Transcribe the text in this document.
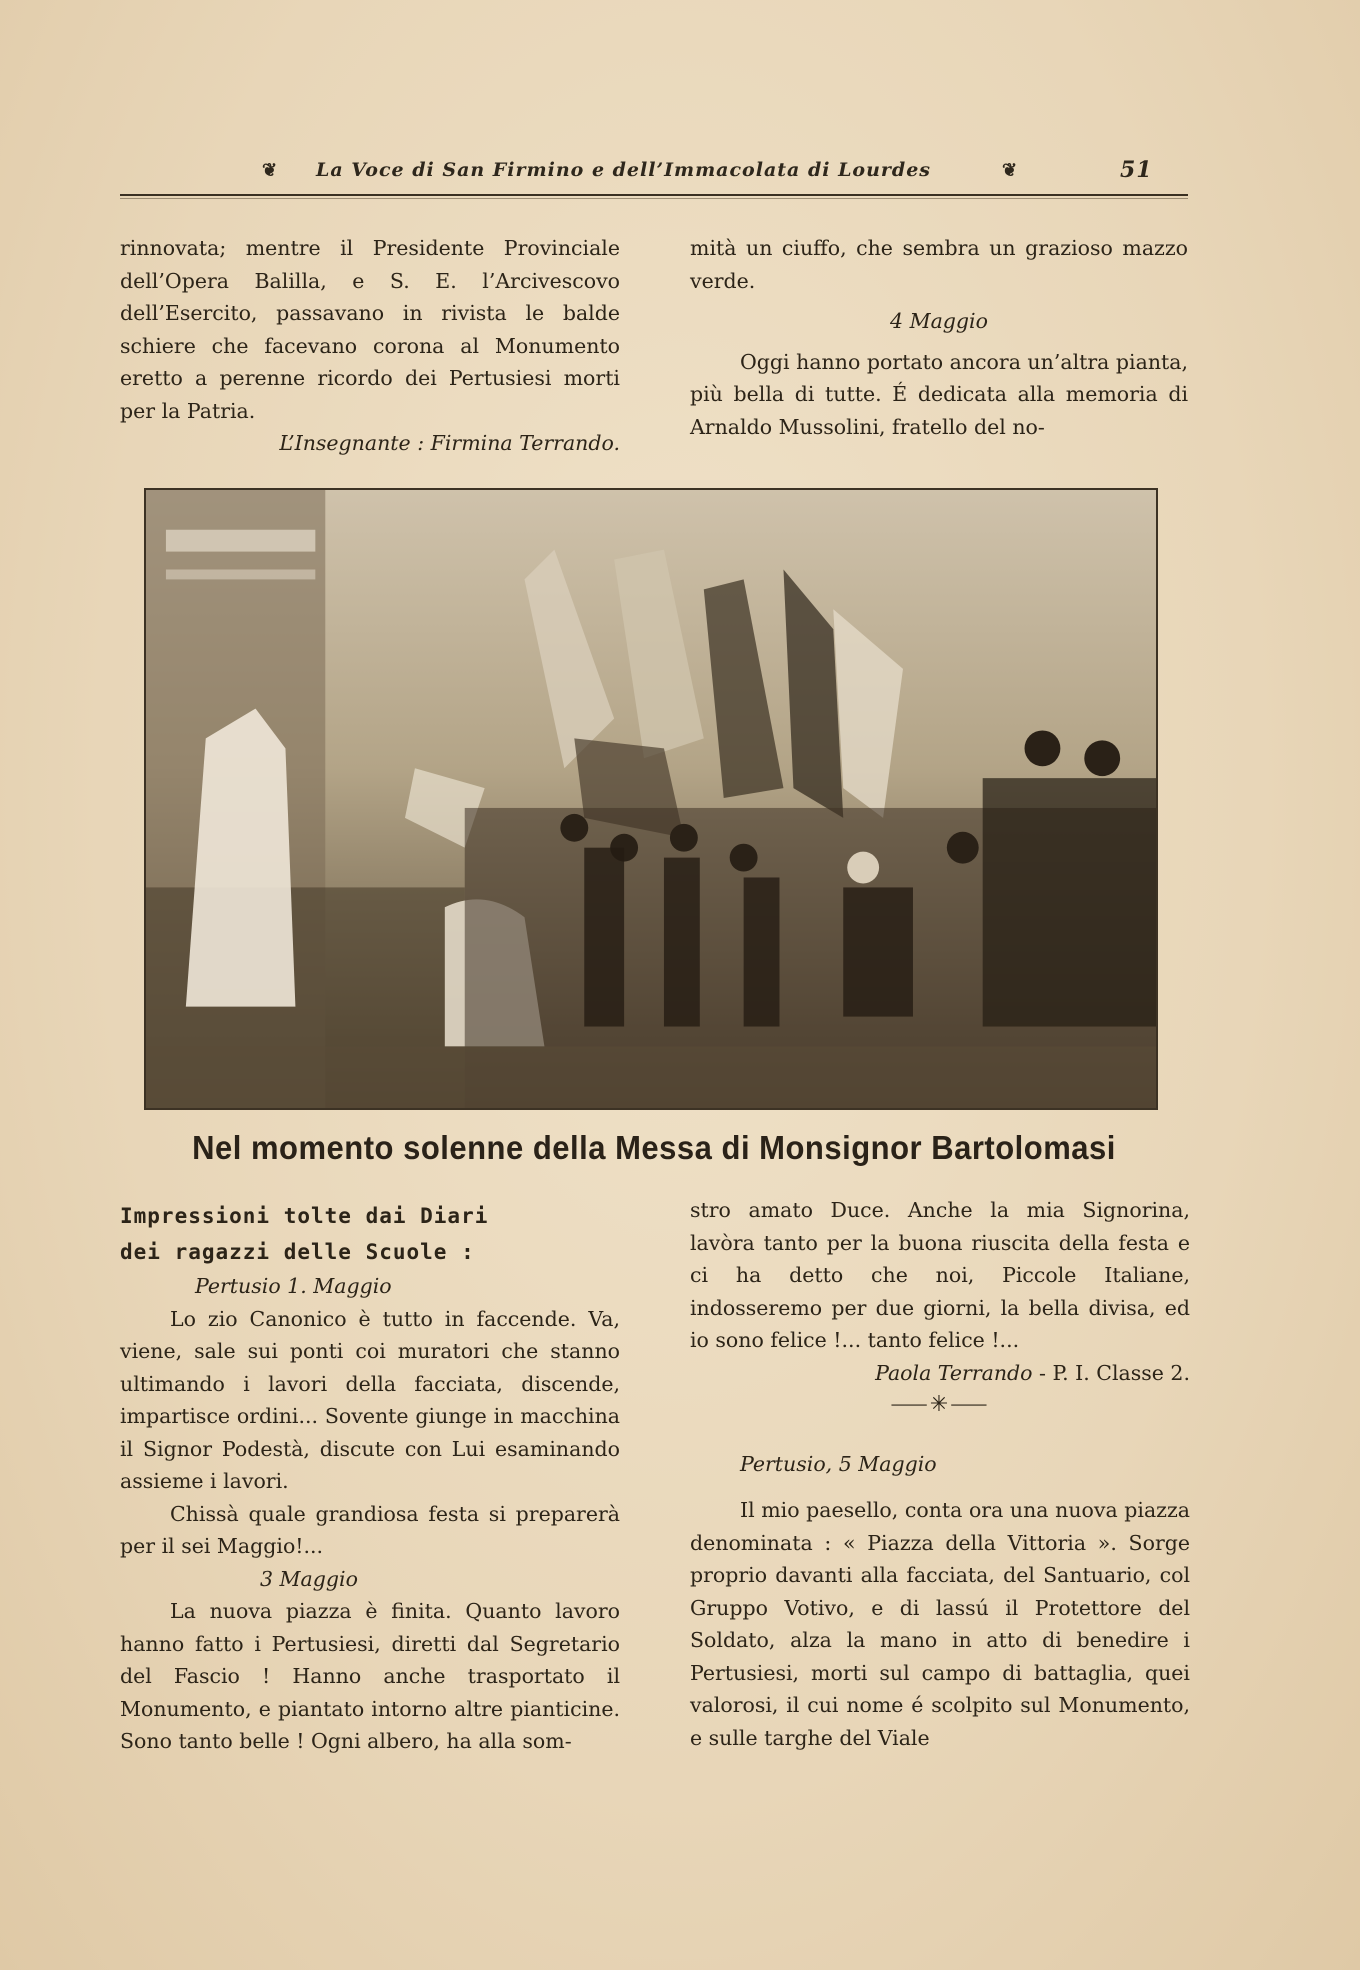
❦ La Voce di San Firmino e dell’Immacolata di Lourdes	❦	51

rinnovata; mentre il Presidente Provinciale dell’Opera Balilla, e S. E. l’Arcivescovo dell’Esercito, passavano in rivista le balde schiere che facevano corona al Monumento eretto a perenne ricordo dei Pertusiesi morti per la Patria.

L’Insegnante : Firmina Terrando.

mità un ciuffo, che sembra un grazioso mazzo verde.

4 Maggio

Oggi hanno portato ancora un’altra pianta, più bella di tutte. É dedicata alla memoria di Arnaldo Mussolini, fratello del no-

Nel momento solenne della Messa di Monsignor Bartolomasi

Impressioni tolte dai Diari

dei ragazzi delle Scuole :

Pertusio 1. Maggio

Lo zio Canonico è tutto in faccende. Va, viene, sale sui ponti coi muratori che stanno ultimando i lavori della facciata, discende, impartisce ordini... Sovente giunge in macchina il Signor Podestà, discute con Lui esaminando assieme i lavori.

Chissà quale grandiosa festa si preparerà per il sei Maggio!...

3 Maggio

La nuova piazza è finita. Quanto lavoro hanno fatto i Pertusiesi, diretti dal Segretario del Fascio ! Hanno anche trasportato il Monumento, e piantato intorno altre pianticine. Sono tanto belle ! Ogni albero, ha alla som-

stro amato Duce. Anche la mia Signorina, lavòra tanto per la buona riuscita della festa e ci ha detto che noi, Piccole Italiane, indosseremo per due giorni, la bella divisa, ed io sono felice !... tanto felice !...

Paola Terrando - P. I. Classe 2.

⸺✳⸺

Pertusio, 5 Maggio

Il mio paesello, conta ora una nuova piazza denominata : « Piazza della Vittoria ». Sorge proprio davanti alla facciata, del Santuario, col Gruppo Votivo, e di lassú il Protettore del Soldato, alza la mano in atto di benedire i Pertusiesi, morti sul campo di battaglia, quei valorosi, il cui nome é scolpito sul Monumento, e sulle targhe del Viale
